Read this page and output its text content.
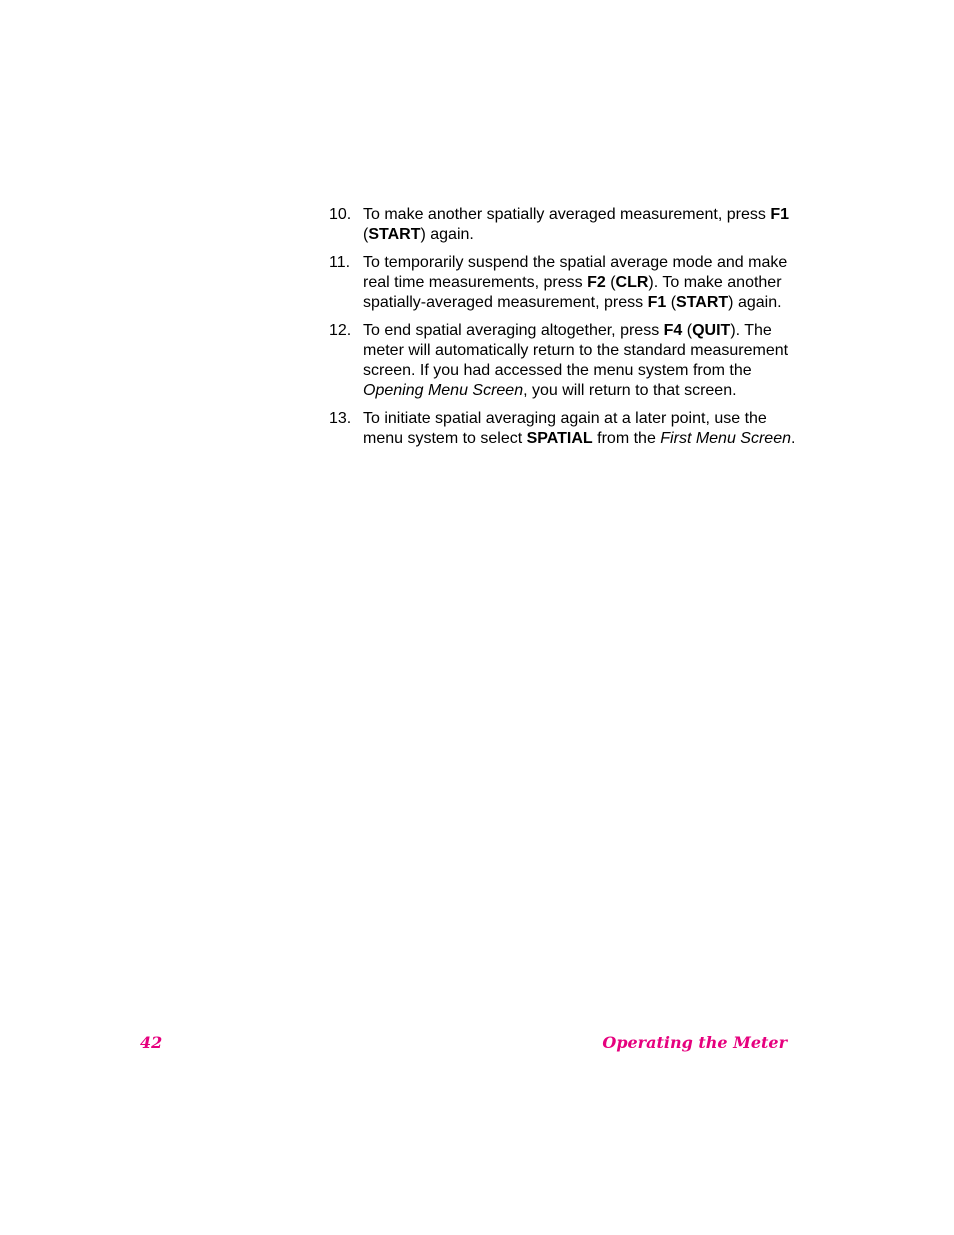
10. To make another spatially averaged measurement, press F1 (START) again.
11. To temporarily suspend the spatial average mode and make real time measurements, press F2 (CLR). To make another spatially-averaged measurement, press F1 (START) again.
12. To end spatial averaging altogether, press F4 (QUIT). The meter will automatically return to the standard measurement screen. If you had accessed the menu system from the Opening Menu Screen, you will return to that screen.
13. To initiate spatial averaging again at a later point, use the menu system to select SPATIAL from the First Menu Screen.
42	Operating the Meter
